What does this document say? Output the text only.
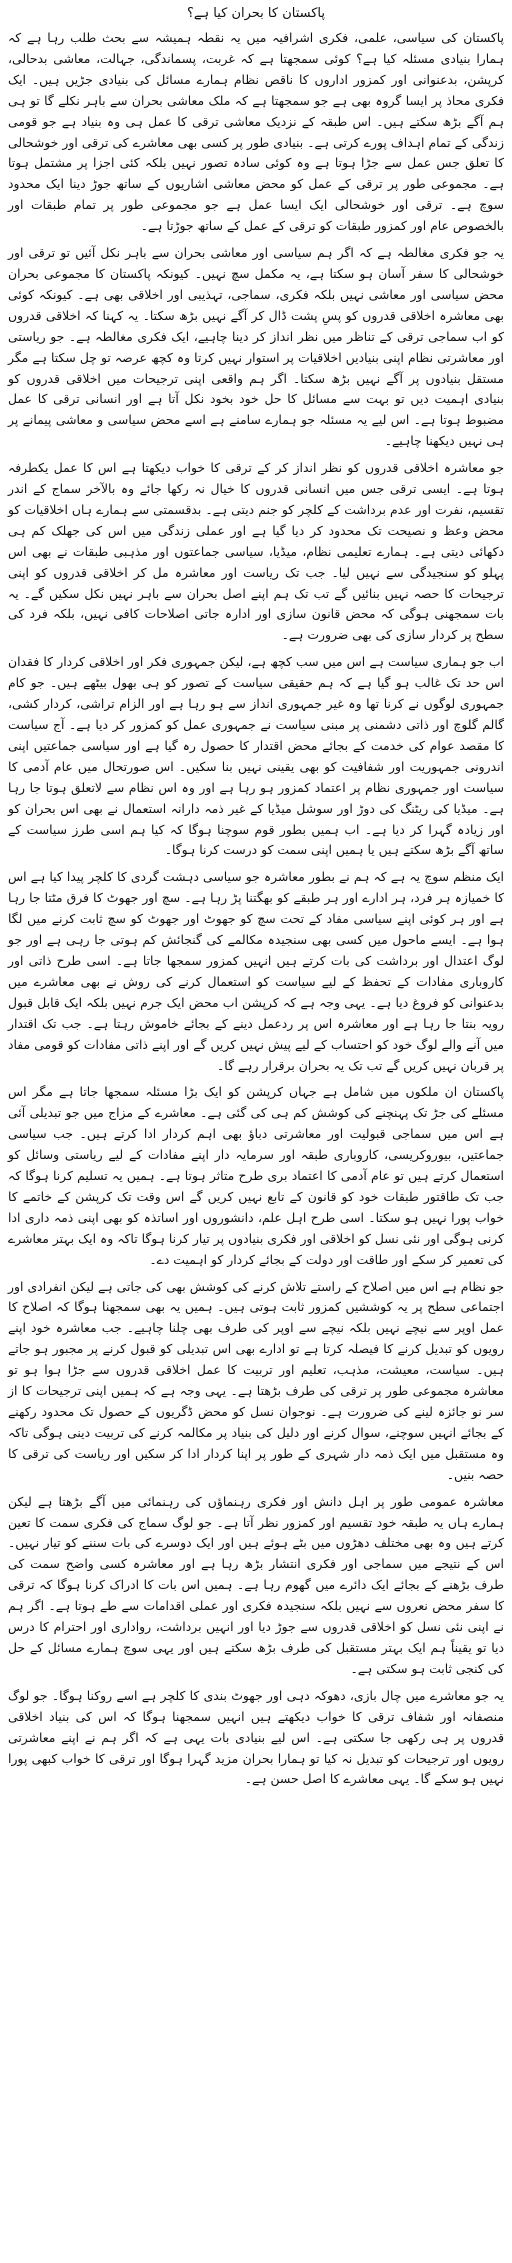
پاکستان کا بحران کیا ہے؟

پاکستان کی سیاسی، علمی، فکری اشرافیہ میں یہ نقطہ ہمیشہ سے بحث طلب رہا ہے کہ ہمارا بنیادی مسئلہ کیا ہے؟ کوئی سمجھتا ہے کہ غربت، پسماندگی، جہالت، معاشی بدحالی، کرپشن، بدعنوانی اور کمزور اداروں کا ناقص نظام ہمارے مسائل کی بنیادی جڑیں ہیں۔ ایک فکری محاذ پر ایسا گروہ بھی ہے جو سمجھتا ہے کہ ملک معاشی بحران سے باہر نکلے گا تو ہی ہم آگے بڑھ سکتے ہیں۔ اس طبقہ کے نزدیک معاشی ترقی کا عمل ہی وہ بنیاد ہے جو قومی زندگی کے تمام اہداف پورے کرتی ہے۔ بنیادی طور پر کسی بھی معاشرے کی ترقی اور خوشحالی کا تعلق جس عمل سے جڑا ہوتا ہے وہ کوئی سادہ تصور نہیں بلکہ کئی اجزا پر مشتمل ہوتا ہے۔ مجموعی طور پر ترقی کے عمل کو محض معاشی اشاریوں کے ساتھ جوڑ دینا ایک محدود سوچ ہے۔ ترقی اور خوشحالی ایک ایسا عمل ہے جو مجموعی طور پر تمام طبقات اور بالخصوص عام اور کمزور طبقات کو ترقی کے عمل کے ساتھ جوڑتا ہے۔

یہ جو فکری مغالطہ ہے کہ اگر ہم سیاسی اور معاشی بحران سے باہر نکل آئیں تو ترقی اور خوشحالی کا سفر آسان ہو سکتا ہے، یہ مکمل سچ نہیں۔ کیونکہ پاکستان کا مجموعی بحران محض سیاسی اور معاشی نہیں بلکہ فکری، سماجی، تہذیبی اور اخلاقی بھی ہے۔ کیونکہ کوئی بھی معاشرہ اخلاقی قدروں کو پسِ پشت ڈال کر آگے نہیں بڑھ سکتا۔ یہ کہنا کہ اخلاقی قدروں کو اب سماجی ترقی کے تناظر میں نظر انداز کر دینا چاہیے، ایک فکری مغالطہ ہے۔ جو ریاستی اور معاشرتی نظام اپنی بنیادیں اخلاقیات پر استوار نہیں کرتا وہ کچھ عرصہ تو چل سکتا ہے مگر مستقل بنیادوں پر آگے نہیں بڑھ سکتا۔ اگر ہم واقعی اپنی ترجیحات میں اخلاقی قدروں کو بنیادی اہمیت دیں تو بہت سے مسائل کا حل خود بخود نکل آتا ہے اور انسانی ترقی کا عمل مضبوط ہوتا ہے۔ اس لیے یہ مسئلہ جو ہمارے سامنے ہے اسے محض سیاسی و معاشی پیمانے پر ہی نہیں دیکھنا چاہیے۔

جو معاشرہ اخلاقی قدروں کو نظر انداز کر کے ترقی کا خواب دیکھتا ہے اس کا عمل یکطرفہ ہوتا ہے۔ ایسی ترقی جس میں انسانی قدروں کا خیال نہ رکھا جائے وہ بالآخر سماج کے اندر تقسیم، نفرت اور عدم برداشت کے کلچر کو جنم دیتی ہے۔ بدقسمتی سے ہمارے ہاں اخلاقیات کو محض وعظ و نصیحت تک محدود کر دیا گیا ہے اور عملی زندگی میں اس کی جھلک کم ہی دکھائی دیتی ہے۔ ہمارے تعلیمی نظام، میڈیا، سیاسی جماعتوں اور مذہبی طبقات نے بھی اس پہلو کو سنجیدگی سے نہیں لیا۔ جب تک ریاست اور معاشرہ مل کر اخلاقی قدروں کو اپنی ترجیحات کا حصہ نہیں بنائیں گے تب تک ہم اپنے اصل بحران سے باہر نہیں نکل سکیں گے۔ یہ بات سمجھنی ہوگی کہ محض قانون سازی اور ادارہ جاتی اصلاحات کافی نہیں، بلکہ فرد کی سطح پر کردار سازی کی بھی ضرورت ہے۔

اب جو ہماری سیاست ہے اس میں سب کچھ ہے، لیکن جمہوری فکر اور اخلاقی کردار کا فقدان اس حد تک غالب ہو گیا ہے کہ ہم حقیقی سیاست کے تصور کو ہی بھول بیٹھے ہیں۔ جو کام جمہوری لوگوں نے کرنا تھا وہ غیر جمہوری انداز سے ہو رہا ہے اور الزام تراشی، کردار کشی، گالم گلوچ اور ذاتی دشمنی پر مبنی سیاست نے جمہوری عمل کو کمزور کر دیا ہے۔ آج سیاست کا مقصد عوام کی خدمت کے بجائے محض اقتدار کا حصول رہ گیا ہے اور سیاسی جماعتیں اپنی اندرونی جمہوریت اور شفافیت کو بھی یقینی نہیں بنا سکیں۔ اس صورتحال میں عام آدمی کا سیاست اور جمہوری نظام پر اعتماد کمزور ہو رہا ہے اور وہ اس نظام سے لاتعلق ہوتا جا رہا ہے۔ میڈیا کی ریٹنگ کی دوڑ اور سوشل میڈیا کے غیر ذمہ دارانہ استعمال نے بھی اس بحران کو اور زیادہ گہرا کر دیا ہے۔ اب ہمیں بطور قوم سوچنا ہوگا کہ کیا ہم اسی طرز سیاست کے ساتھ آگے بڑھ سکتے ہیں یا ہمیں اپنی سمت کو درست کرنا ہوگا۔

ایک منظم سوچ یہ ہے کہ ہم نے بطور معاشرہ جو سیاسی دہشت گردی کا کلچر پیدا کیا ہے اس کا خمیازہ ہر فرد، ہر ادارے اور ہر طبقے کو بھگتنا پڑ رہا ہے۔ سچ اور جھوٹ کا فرق مٹتا جا رہا ہے اور ہر کوئی اپنے سیاسی مفاد کے تحت سچ کو جھوٹ اور جھوٹ کو سچ ثابت کرنے میں لگا ہوا ہے۔ ایسے ماحول میں کسی بھی سنجیدہ مکالمے کی گنجائش کم ہوتی جا رہی ہے اور جو لوگ اعتدال اور برداشت کی بات کرتے ہیں انہیں کمزور سمجھا جاتا ہے۔ اسی طرح ذاتی اور کاروباری مفادات کے تحفظ کے لیے سیاست کو استعمال کرنے کی روش نے بھی معاشرے میں بدعنوانی کو فروغ دیا ہے۔ یہی وجہ ہے کہ کرپشن اب محض ایک جرم نہیں بلکہ ایک قابل قبول رویہ بنتا جا رہا ہے اور معاشرہ اس پر ردعمل دینے کے بجائے خاموش رہتا ہے۔ جب تک اقتدار میں آنے والے لوگ خود کو احتساب کے لیے پیش نہیں کریں گے اور اپنے ذاتی مفادات کو قومی مفاد پر قربان نہیں کریں گے تب تک یہ بحران برقرار رہے گا۔

پاکستان ان ملکوں میں شامل ہے جہاں کرپشن کو ایک بڑا مسئلہ سمجھا جاتا ہے مگر اس مسئلے کی جڑ تک پہنچنے کی کوشش کم ہی کی گئی ہے۔ معاشرے کے مزاج میں جو تبدیلی آئی ہے اس میں سماجی قبولیت اور معاشرتی دباؤ بھی اہم کردار ادا کرتے ہیں۔ جب سیاسی جماعتیں، بیوروکریسی، کاروباری طبقہ اور سرمایہ دار اپنے مفادات کے لیے ریاستی وسائل کو استعمال کرتے ہیں تو عام آدمی کا اعتماد بری طرح متاثر ہوتا ہے۔ ہمیں یہ تسلیم کرنا ہوگا کہ جب تک طاقتور طبقات خود کو قانون کے تابع نہیں کریں گے اس وقت تک کرپشن کے خاتمے کا خواب پورا نہیں ہو سکتا۔ اسی طرح اہل علم، دانشوروں اور اساتذہ کو بھی اپنی ذمہ داری ادا کرنی ہوگی اور نئی نسل کو اخلاقی اور فکری بنیادوں پر تیار کرنا ہوگا تاکہ وہ ایک بہتر معاشرے کی تعمیر کر سکے اور طاقت اور دولت کے بجائے کردار کو اہمیت دے۔

جو نظام ہے اس میں اصلاح کے راستے تلاش کرنے کی کوشش بھی کی جاتی ہے لیکن انفرادی اور اجتماعی سطح پر یہ کوششیں کمزور ثابت ہوتی ہیں۔ ہمیں یہ بھی سمجھنا ہوگا کہ اصلاح کا عمل اوپر سے نیچے نہیں بلکہ نیچے سے اوپر کی طرف بھی چلنا چاہیے۔ جب معاشرہ خود اپنے رویوں کو تبدیل کرنے کا فیصلہ کرتا ہے تو ادارے بھی اس تبدیلی کو قبول کرنے پر مجبور ہو جاتے ہیں۔ سیاست، معیشت، مذہب، تعلیم اور تربیت کا عمل اخلاقی قدروں سے جڑا ہوا ہو تو معاشرہ مجموعی طور پر ترقی کی طرف بڑھتا ہے۔ یہی وجہ ہے کہ ہمیں اپنی ترجیحات کا از سر نو جائزہ لینے کی ضرورت ہے۔ نوجوان نسل کو محض ڈگریوں کے حصول تک محدود رکھنے کے بجائے انہیں سوچنے، سوال کرنے اور دلیل کی بنیاد پر مکالمہ کرنے کی تربیت دینی ہوگی تاکہ وہ مستقبل میں ایک ذمہ دار شہری کے طور پر اپنا کردار ادا کر سکیں اور ریاست کی ترقی کا حصہ بنیں۔

معاشرہ عمومی طور پر اہل دانش اور فکری رہنماؤں کی رہنمائی میں آگے بڑھتا ہے لیکن ہمارے ہاں یہ طبقہ خود تقسیم اور کمزور نظر آتا ہے۔ جو لوگ سماج کی فکری سمت کا تعین کرتے ہیں وہ بھی مختلف دھڑوں میں بٹے ہوئے ہیں اور ایک دوسرے کی بات سننے کو تیار نہیں۔ اس کے نتیجے میں سماجی اور فکری انتشار بڑھ رہا ہے اور معاشرہ کسی واضح سمت کی طرف بڑھنے کے بجائے ایک دائرے میں گھوم رہا ہے۔ ہمیں اس بات کا ادراک کرنا ہوگا کہ ترقی کا سفر محض نعروں سے نہیں بلکہ سنجیدہ فکری اور عملی اقدامات سے طے ہوتا ہے۔ اگر ہم نے اپنی نئی نسل کو اخلاقی قدروں سے جوڑ دیا اور انہیں برداشت، رواداری اور احترام کا درس دیا تو یقیناً ہم ایک بہتر مستقبل کی طرف بڑھ سکتے ہیں اور یہی سوچ ہمارے مسائل کے حل کی کنجی ثابت ہو سکتی ہے۔

یہ جو معاشرے میں چال بازی، دھوکہ دہی اور جھوٹ بندی کا کلچر ہے اسے روکنا ہوگا۔ جو لوگ منصفانہ اور شفاف ترقی کا خواب دیکھتے ہیں انہیں سمجھنا ہوگا کہ اس کی بنیاد اخلاقی قدروں پر ہی رکھی جا سکتی ہے۔ اس لیے بنیادی بات یہی ہے کہ اگر ہم نے اپنے معاشرتی رویوں اور ترجیحات کو تبدیل نہ کیا تو ہمارا بحران مزید گہرا ہوگا اور ترقی کا خواب کبھی پورا نہیں ہو سکے گا۔ یہی معاشرے کا اصل حسن ہے۔
